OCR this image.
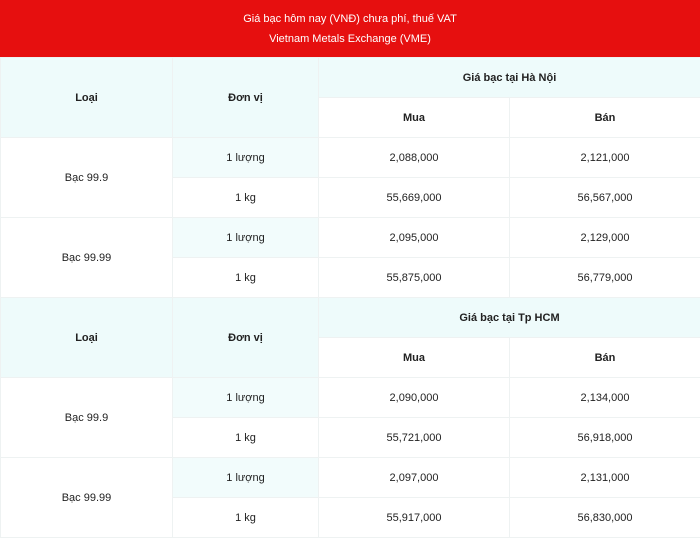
Giá bạc hôm nay (VNĐ) chưa phí, thuế VAT
Vietnam Metals Exchange (VME)
Loại	Đơn vị	Giá bạc tại Hà Nội	
		Mua	Bán
Bạc 99.9	1 lượng	2,088,000	2,121,000
	1 kg	55,669,000	56,567,000
Bạc 99.99	1 lượng	2,095,000	2,129,000
	1 kg	55,875,000	56,779,000
Loại	Đơn vị	Giá bạc tại Tp HCM	
		Mua	Bán
Bạc 99.9	1 lượng	2,090,000	2,134,000
	1 kg	55,721,000	56,918,000
Bạc 99.99	1 lượng	2,097,000	2,131,000
	1 kg	55,917,000	56,830,000
